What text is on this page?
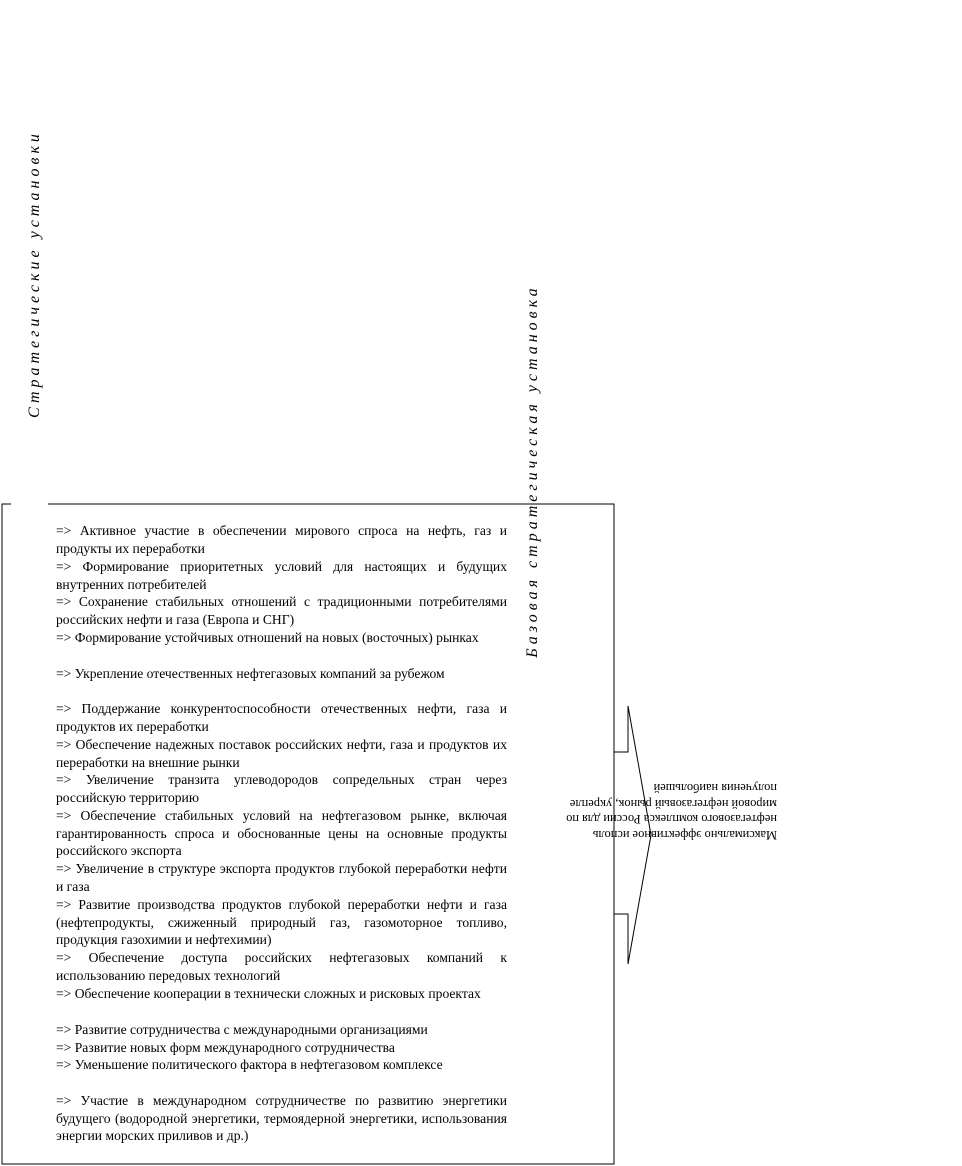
Стратегические установки
Базовая стратегическая установка
Максимально эффективное исполь
нефтегазового комплекса России для по
мировой нефтегазовый рынок, укрепле
получения наибольшей
=> Активное участие в обеспечении мирового спроса на нефть, газ и продукты их переработки
=> Формирование приоритетных условий для настоящих и будущих внутренних потребителей
=> Сохранение стабильных отношений с традиционными потребителями российских нефти и газа (Европа и СНГ)
=> Формирование устойчивых отношений на новых (восточных) рынках
=> Укрепление отечественных нефтегазовых компаний за рубежом
=> Поддержание конкурентоспособности отечественных нефти, газа и продуктов их переработки
=> Обеспечение надежных поставок российских нефти, газа и продуктов их переработки на внешние рынки
=> Увеличение транзита углеводородов сопредельных стран через российскую территорию
=> Обеспечение стабильных условий на нефтегазовом рынке, включая гарантированность спроса и обоснованные цены на основные продукты российского экспорта
=> Увеличение в структуре экспорта продуктов глубокой переработки нефти и газа
=> Развитие производства продуктов глубокой переработки нефти и газа (нефтепродукты, сжиженный природный газ, газомоторное топливо, продукция газохимии и нефтехимии)
=> Обеспечение доступа российских нефтегазовых компаний к использованию передовых технологий
=> Обеспечение кооперации в технически сложных и рисковых проектах
=> Развитие сотрудничества с международными организациями
=> Развитие новых форм международного сотрудничества
=> Уменьшение политического фактора в нефтегазовом комплексе
=> Участие в международном сотрудничестве по развитию энергетики будущего (водородной энергетики, термоядерной энергетики, использования энергии морских приливов и др.)
